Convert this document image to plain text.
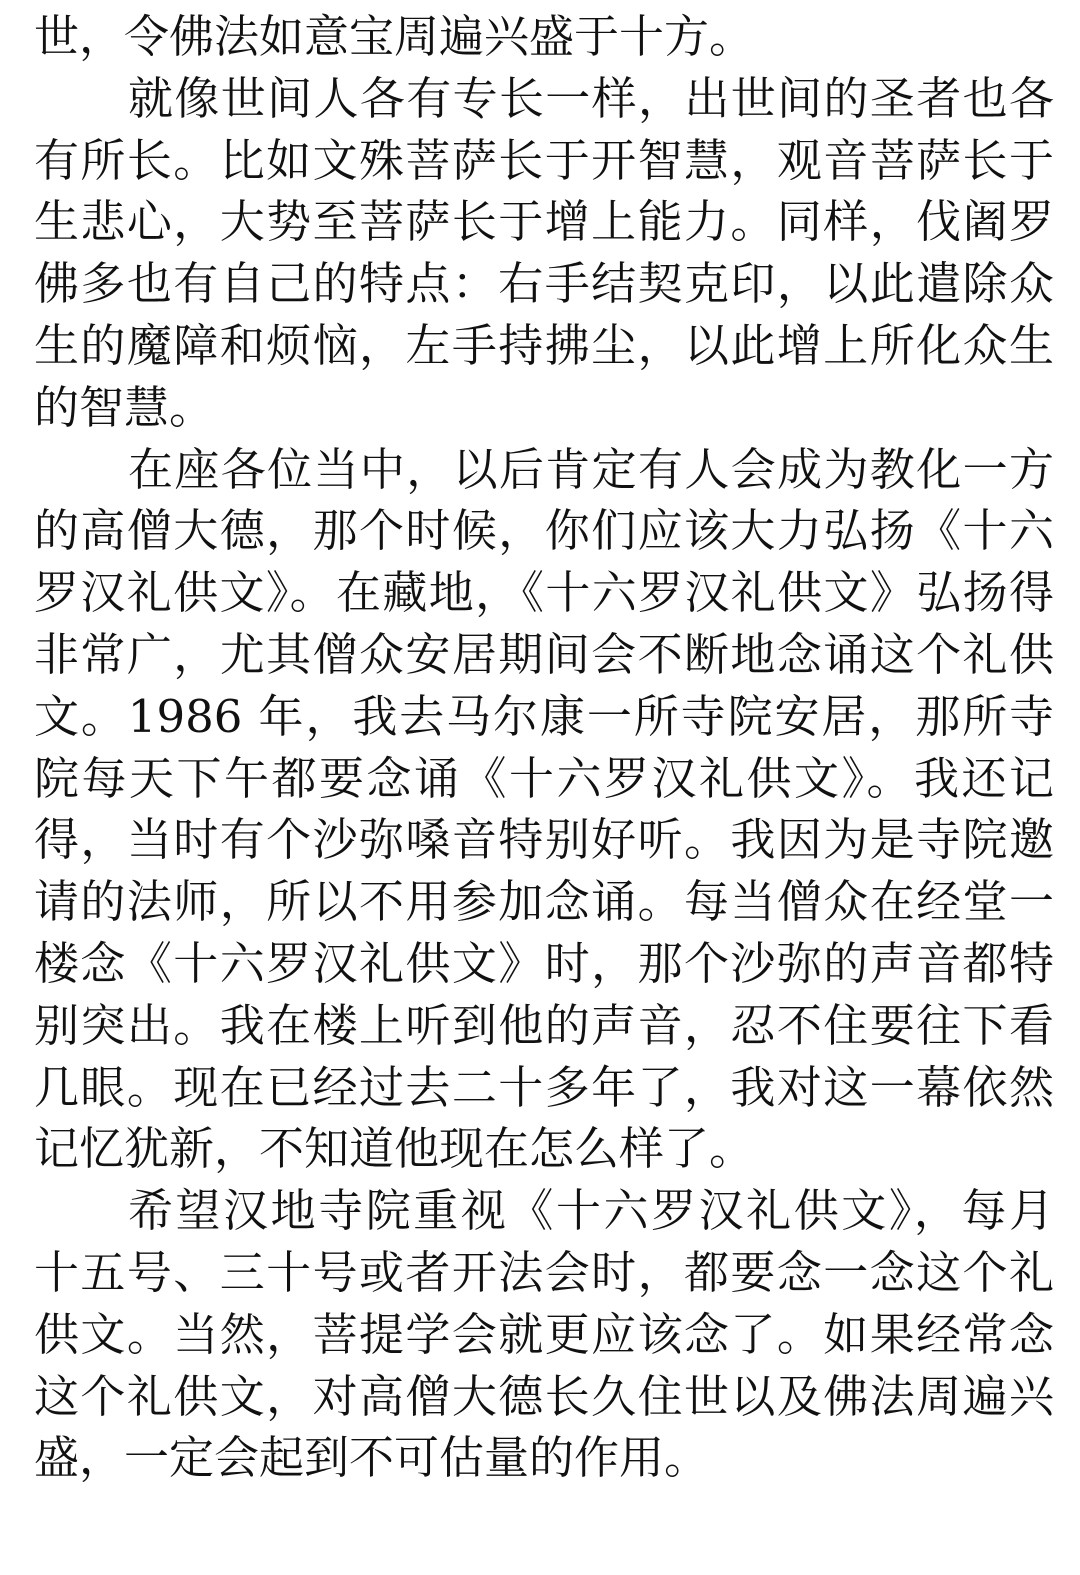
世，令佛法如意宝周遍兴盛于十方。
就像世间人各有专长一样，出世间的圣者也各
有所长。比如文殊菩萨长于开智慧，观音菩萨长于
生悲心，大势至菩萨长于增上能力。同样，伐阇罗
佛多也有自己的特点：右手结契克印，以此遣除众
生的魔障和烦恼，左手持拂尘，以此增上所化众生
的智慧。
在座各位当中，以后肯定有人会成为教化一方
的高僧大德，那个时候，你们应该大力弘扬《十六
罗汉礼供文》。在藏地，《十六罗汉礼供文》弘扬得
非常广，尤其僧众安居期间会不断地念诵这个礼供
文。1986 年，我去马尔康一所寺院安居，那所寺
院每天下午都要念诵《十六罗汉礼供文》。我还记
得，当时有个沙弥嗓音特别好听。我因为是寺院邀
请的法师，所以不用参加念诵。每当僧众在经堂一
楼念《十六罗汉礼供文》时，那个沙弥的声音都特
别突出。我在楼上听到他的声音，忍不住要往下看
几眼。现在已经过去二十多年了，我对这一幕依然
记忆犹新，不知道他现在怎么样了。
希望汉地寺院重视《十六罗汉礼供文》，每月
十五号、三十号或者开法会时，都要念一念这个礼
供文。当然，菩提学会就更应该念了。如果经常念
这个礼供文，对高僧大德长久住世以及佛法周遍兴
盛，一定会起到不可估量的作用。
